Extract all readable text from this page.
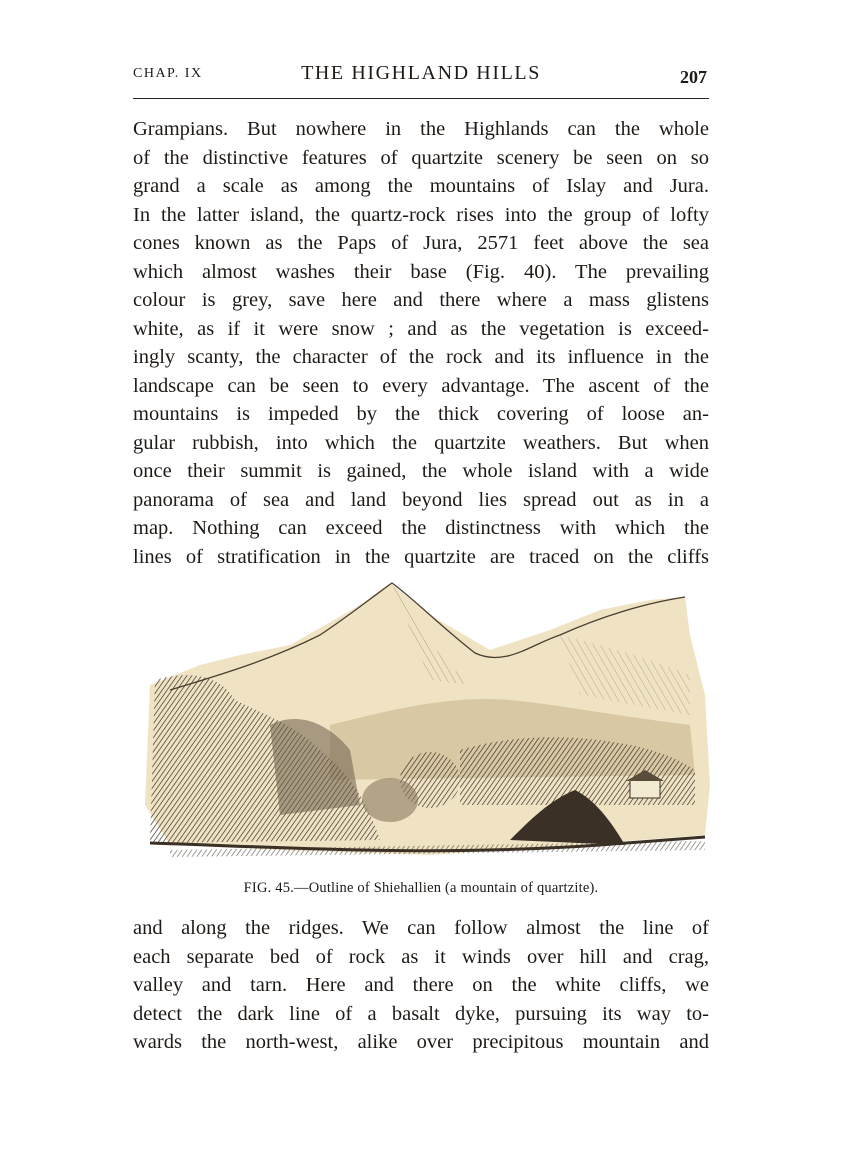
CHAP. IX	THE HIGHLAND HILLS	207
Grampians. But nowhere in the Highlands can the whole
of the distinctive features of quartzite scenery be seen on so
grand a scale as among the mountains of Islay and Jura.
In the latter island, the quartz-rock rises into the group of lofty
cones known as the Paps of Jura, 2571 feet above the sea
which almost washes their base (Fig. 40). The prevailing
colour is grey, save here and there where a mass glistens
white, as if it were snow ; and as the vegetation is exceed-
ingly scanty, the character of the rock and its influence in the
landscape can be seen to every advantage. The ascent of the
mountains is impeded by the thick covering of loose an-
gular rubbish, into which the quartzite weathers. But when
once their summit is gained, the whole island with a wide
panorama of sea and land beyond lies spread out as in a
map. Nothing can exceed the distinctness with which the
lines of stratification in the quartzite are traced on the cliffs
FIG. 45.—Outline of Shiehallien (a mountain of quartzite).
and along the ridges. We can follow almost the line of
each separate bed of rock as it winds over hill and crag,
valley and tarn. Here and there on the white cliffs, we
detect the dark line of a basalt dyke, pursuing its way to-
wards the north-west, alike over precipitous mountain and
